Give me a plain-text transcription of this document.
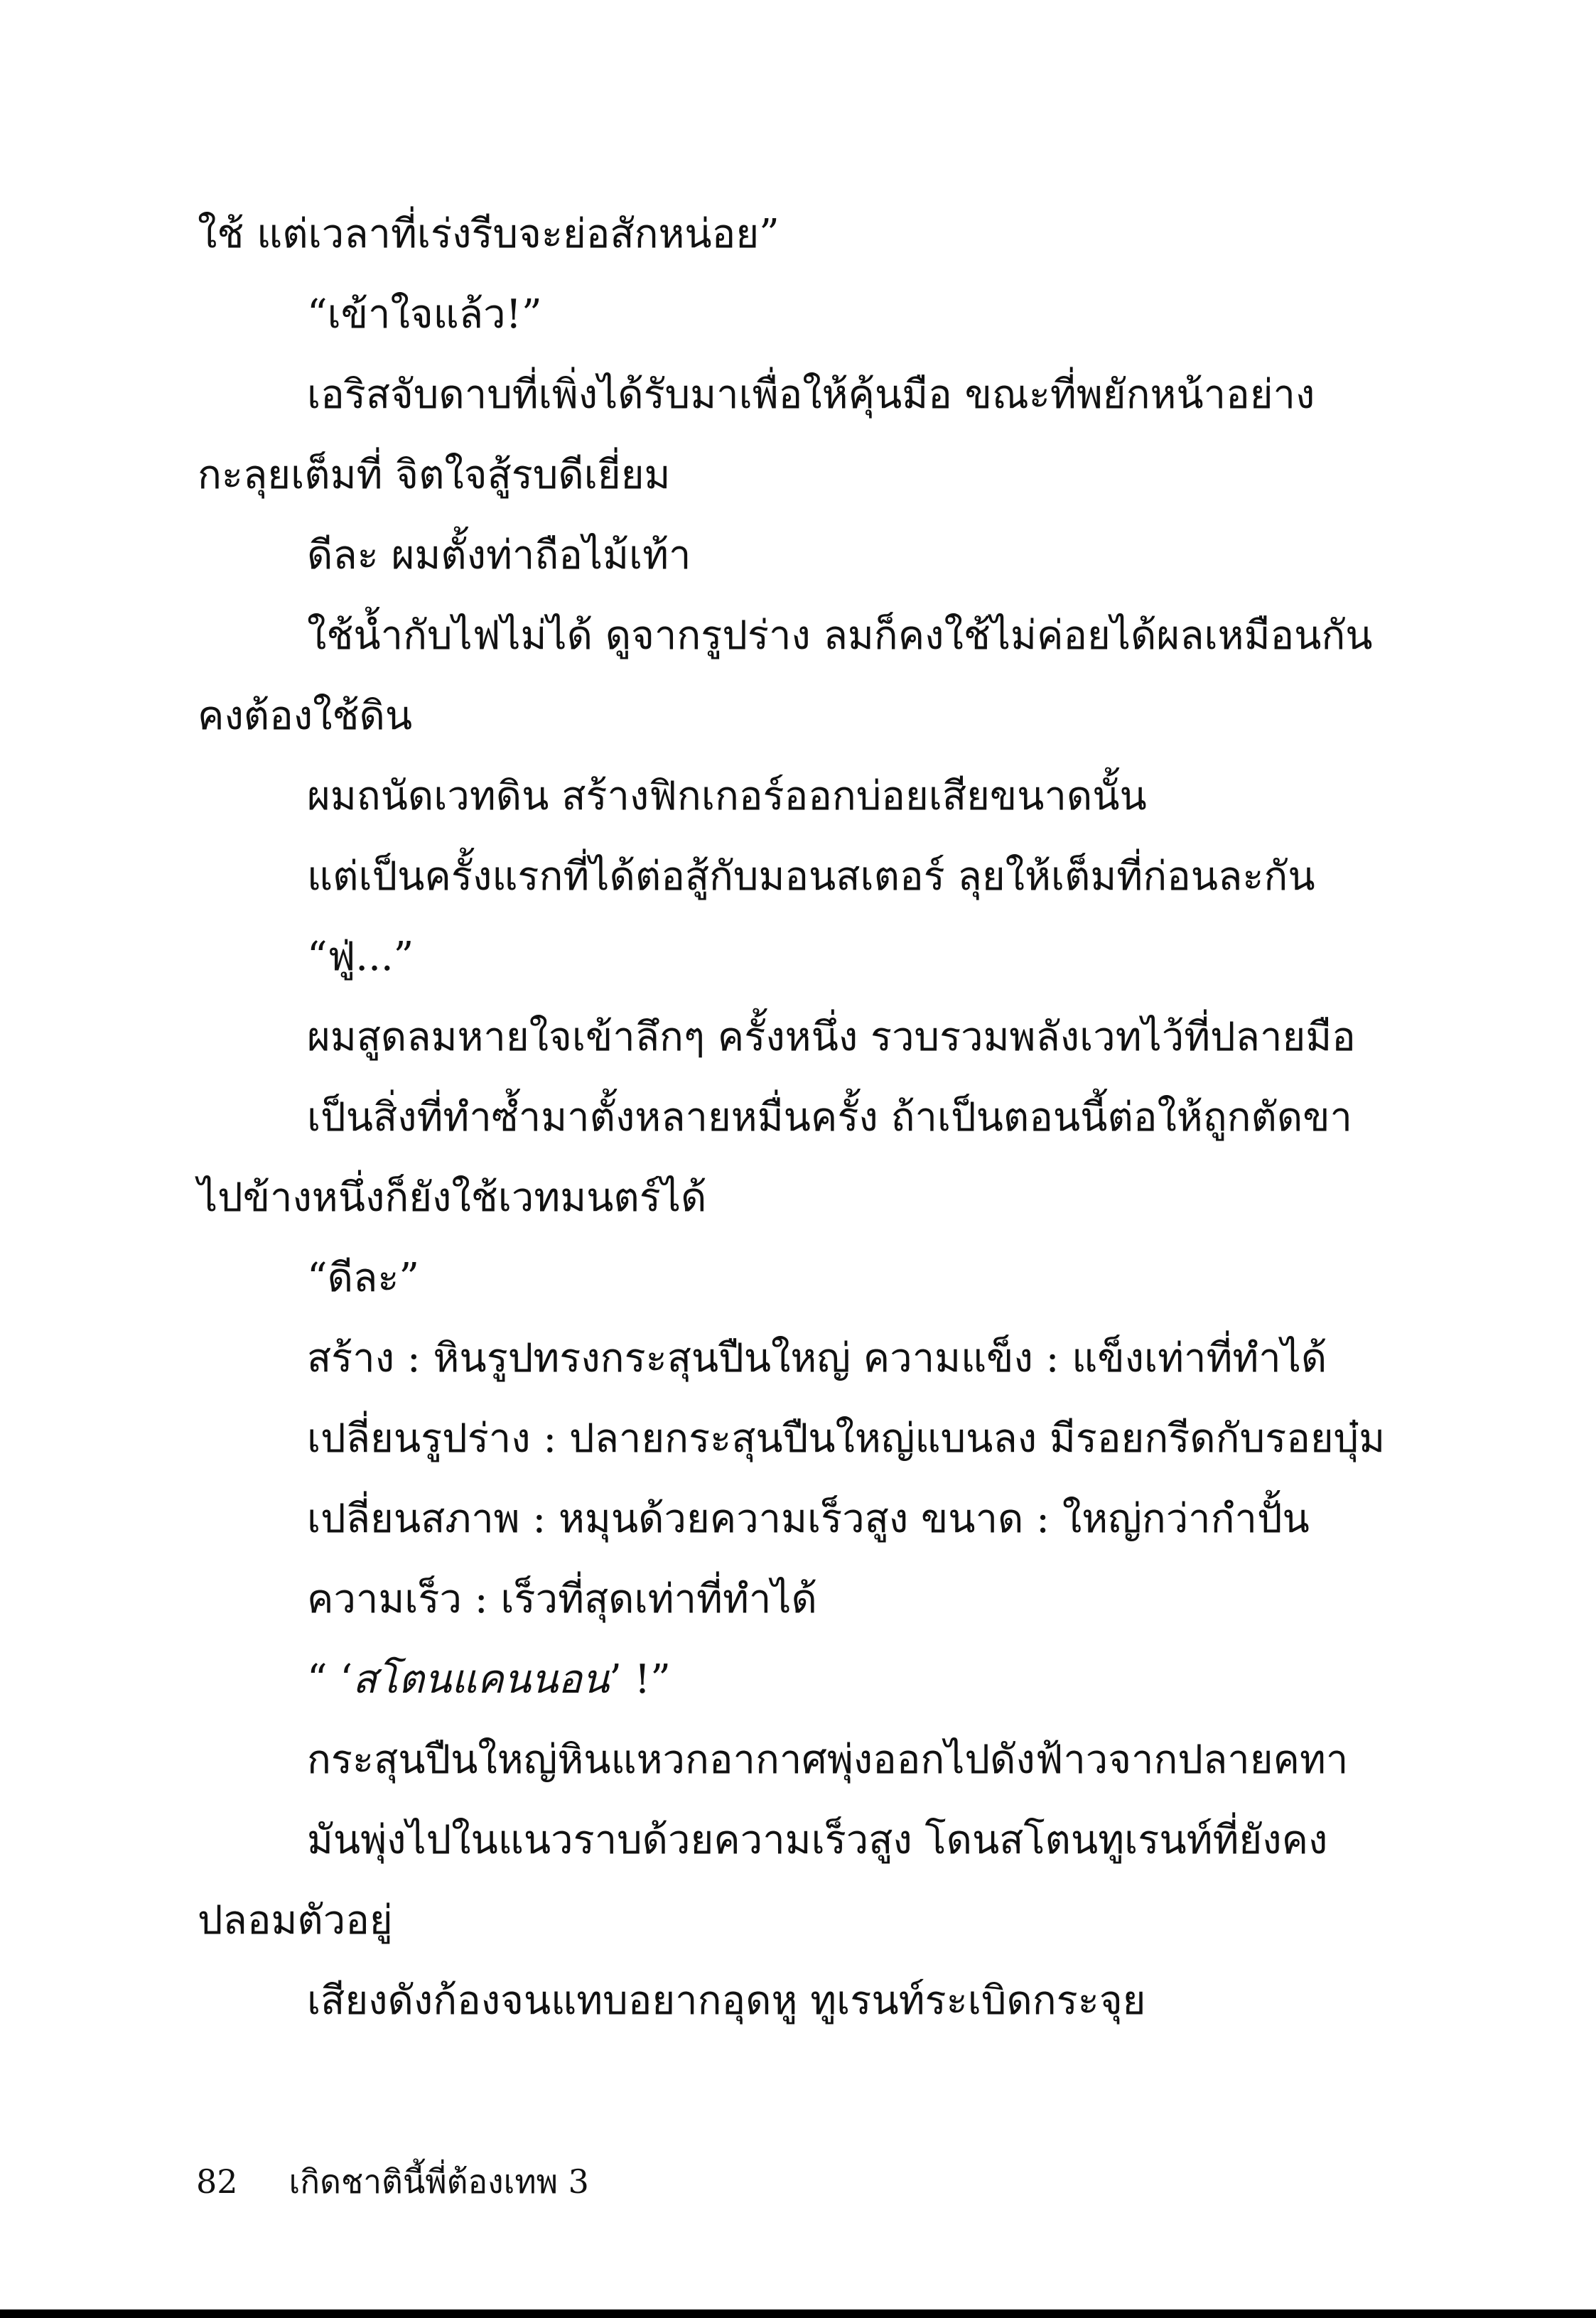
ใช้ แต่เวลาที่เร่งรีบจะย่อสักหน่อย”
“เข้าใจแล้ว!”
เอริสจับดาบที่เพิ่งได้รับมาเพื่อให้คุ้นมือ ขณะที่พยักหน้าอย่าง
กะลุยเต็มที่ จิตใจสู้รบดีเยี่ยม
ดีละ ผมตั้งท่าถือไม้เท้า
ใช้น้ำกับไฟไม่ได้ ดูจากรูปร่าง ลมก็คงใช้ไม่ค่อยได้ผลเหมือนกัน
คงต้องใช้ดิน
ผมถนัดเวทดิน สร้างฟิกเกอร์ออกบ่อยเสียขนาดนั้น
แต่เป็นครั้งแรกที่ได้ต่อสู้กับมอนสเตอร์ ลุยให้เต็มที่ก่อนละกัน
“ฟู่...”
ผมสูดลมหายใจเข้าลึกๆ ครั้งหนึ่ง รวบรวมพลังเวทไว้ที่ปลายมือ
เป็นสิ่งที่ทำซ้ำมาตั้งหลายหมื่นครั้ง ถ้าเป็นตอนนี้ต่อให้ถูกตัดขา
ไปข้างหนึ่งก็ยังใช้เวทมนตร์ได้
“ดีละ”
สร้าง : หินรูปทรงกระสุนปืนใหญ่ ความแข็ง : แข็งเท่าที่ทำได้
เปลี่ยนรูปร่าง : ปลายกระสุนปืนใหญ่แบนลง มีรอยกรีดกับรอยบุ๋ม
เปลี่ยนสภาพ : หมุนด้วยความเร็วสูง ขนาด : ใหญ่กว่ากำปั้น
ความเร็ว : เร็วที่สุดเท่าที่ทำได้
“ ‘สโตนแคนนอน’ !”
กระสุนปืนใหญ่หินแหวกอากาศพุ่งออกไปดังฟ้าวจากปลายคทา
มันพุ่งไปในแนวราบด้วยความเร็วสูง โดนสโตนทูเรนท์ที่ยังคง
ปลอมตัวอยู่
เสียงดังก้องจนแทบอยากอุดหู ทูเรนท์ระเบิดกระจุย
82 เกิดชาตินี้พี่ต้องเทพ 3
